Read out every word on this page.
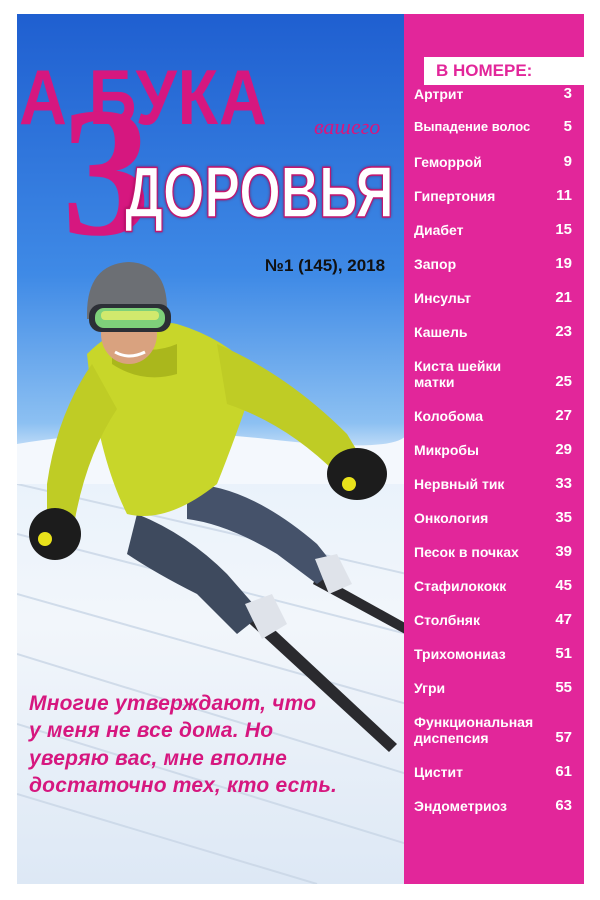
А БУКА
З	вашего
ДОРОВЬЯ
№1 (145), 2018
Многие утверждают, что
у меня не все дома. Но
уверяю вас, мне вполне
достаточно тех, кто есть.
В НОМЕРЕ:
Артрит	3
Выпадение волос	5
Геморрой	9
Гипертония	11
Диабет	15
Запор	19
Инсульт	21
Кашель	23
Киста шейки матки	25
Колобома	27
Микробы	29
Нервный тик	33
Онкология	35
Песок в почках	39
Стафилококк	45
Столбняк	47
Трихомониаз	51
Угри	55
Функциональная диспепсия	57
Цистит	61
Эндометриоз	63
